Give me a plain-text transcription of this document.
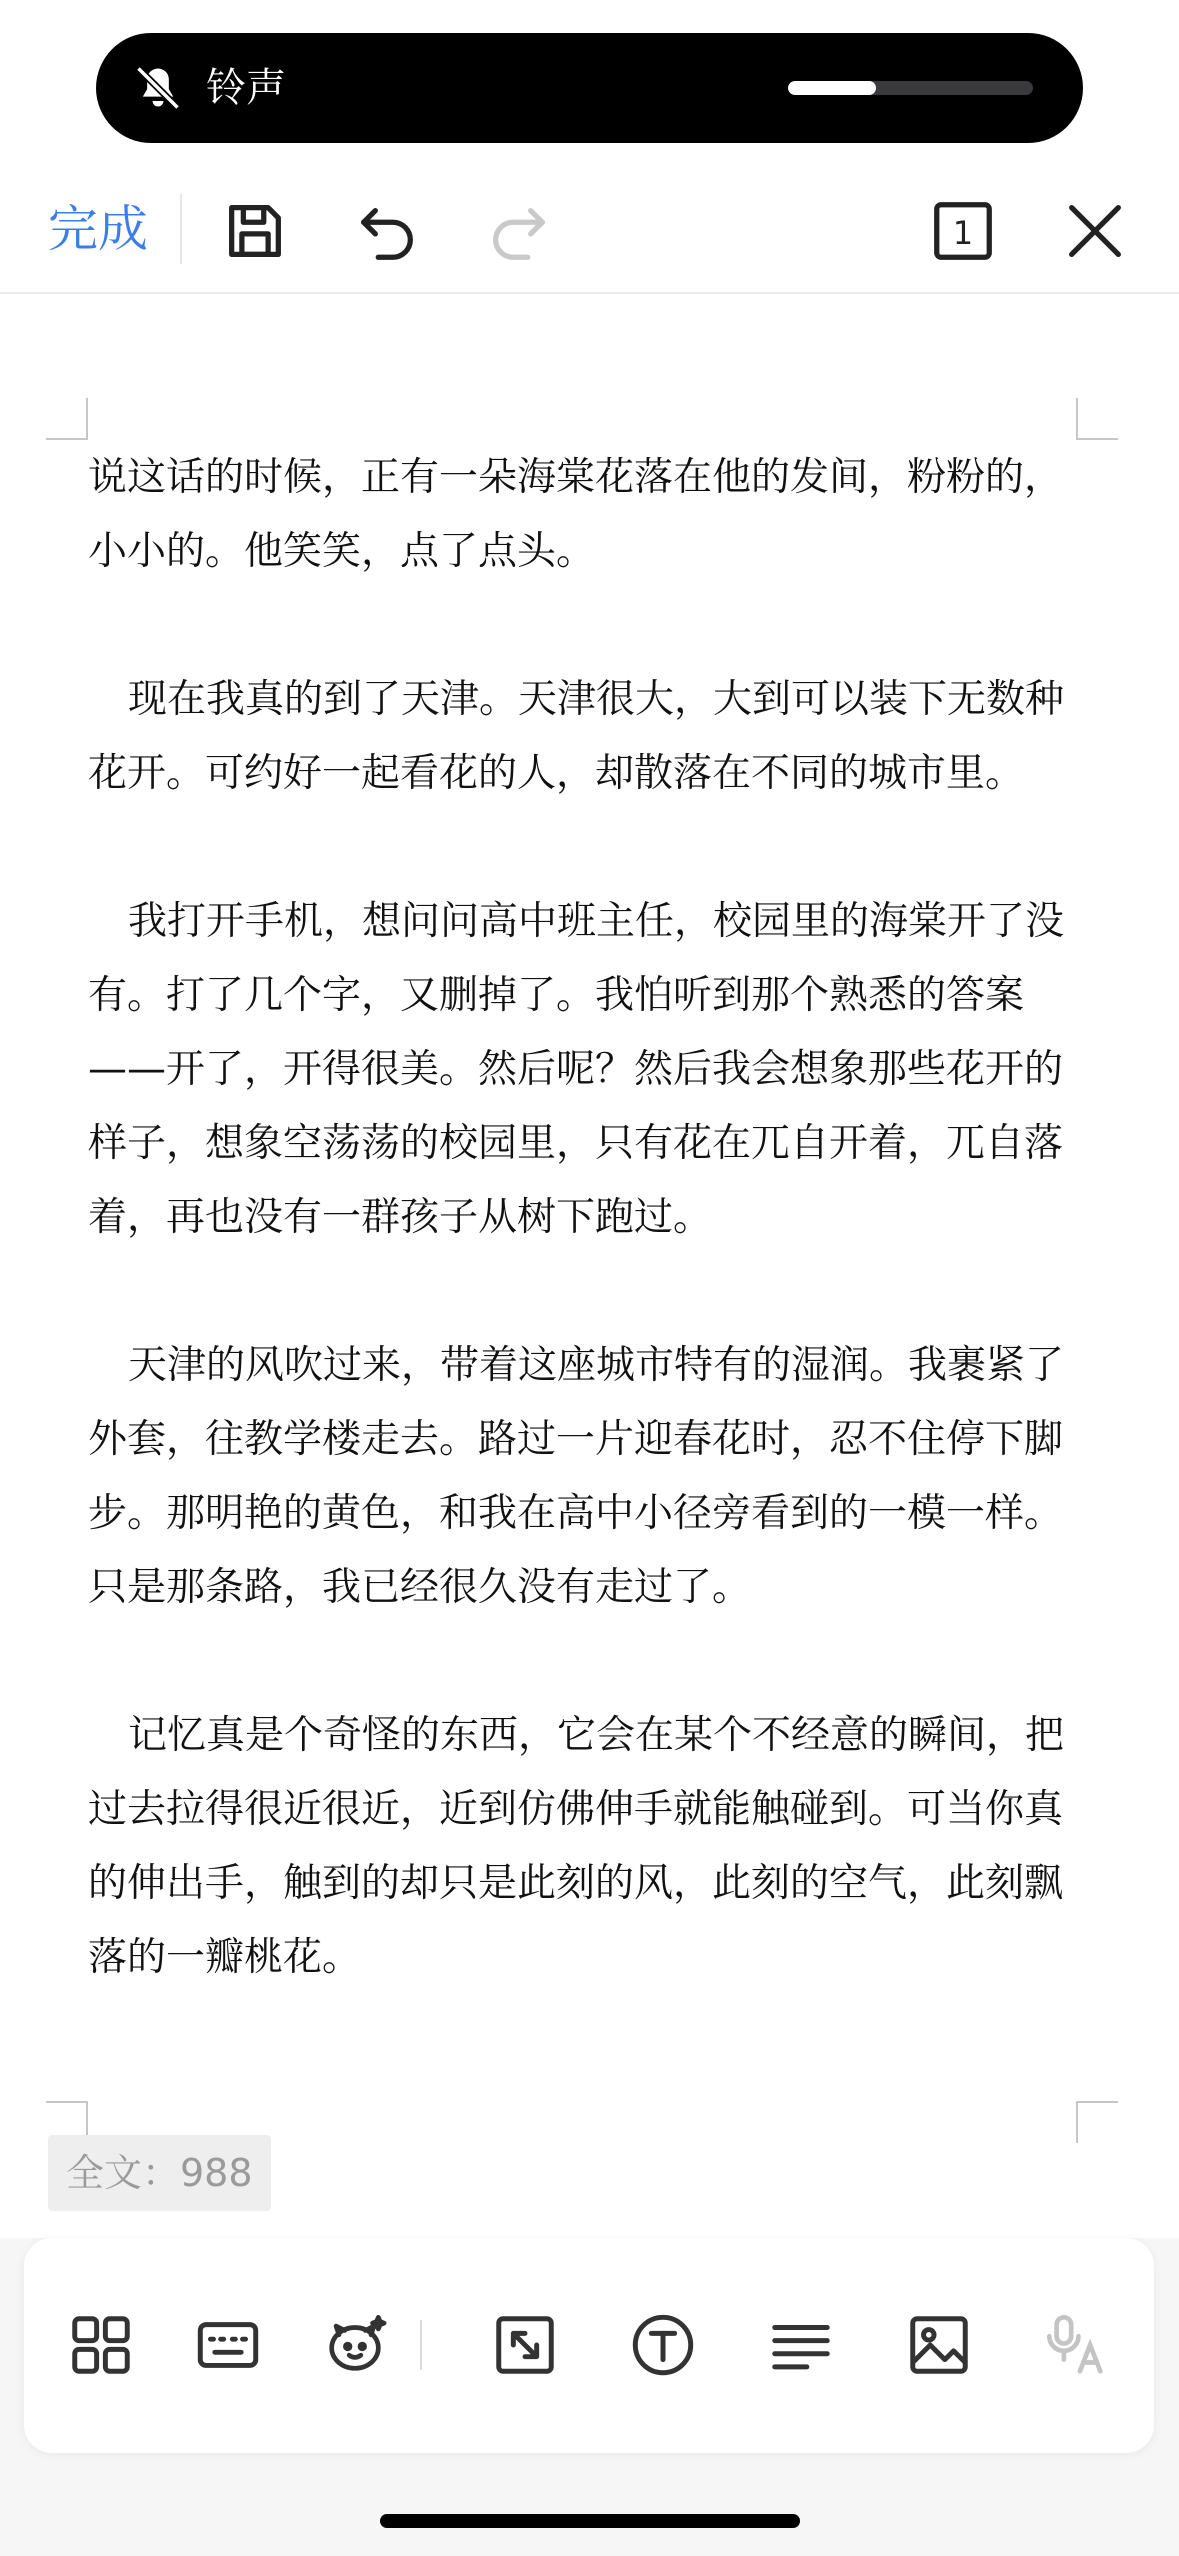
铃声
完成	1

说这话的时候，正有一朵海棠花落在他的发间，粉粉的，小小的。他笑笑，点了点头。

现在我真的到了天津。天津很大，大到可以装下无数种花开。可约好一起看花的人，却散落在不同的城市里。

我打开手机，想问问高中班主任，校园里的海棠开了没有。打了几个字，又删掉了。我怕听到那个熟悉的答案——开了，开得很美。然后呢？然后我会想象那些花开的样子，想象空荡荡的校园里，只有花在兀自开着，兀自落着，再也没有一群孩子从树下跑过。

天津的风吹过来，带着这座城市特有的湿润。我裹紧了外套，往教学楼走去。路过一片迎春花时，忍不住停下脚步。那明艳的黄色，和我在高中小径旁看到的一模一样。只是那条路，我已经很久没有走过了。

记忆真是个奇怪的东西，它会在某个不经意的瞬间，把过去拉得很近很近，近到仿佛伸手就能触碰到。可当你真的伸出手，触到的却只是此刻的风，此刻的空气，此刻飘落的一瓣桃花。

全文：988
